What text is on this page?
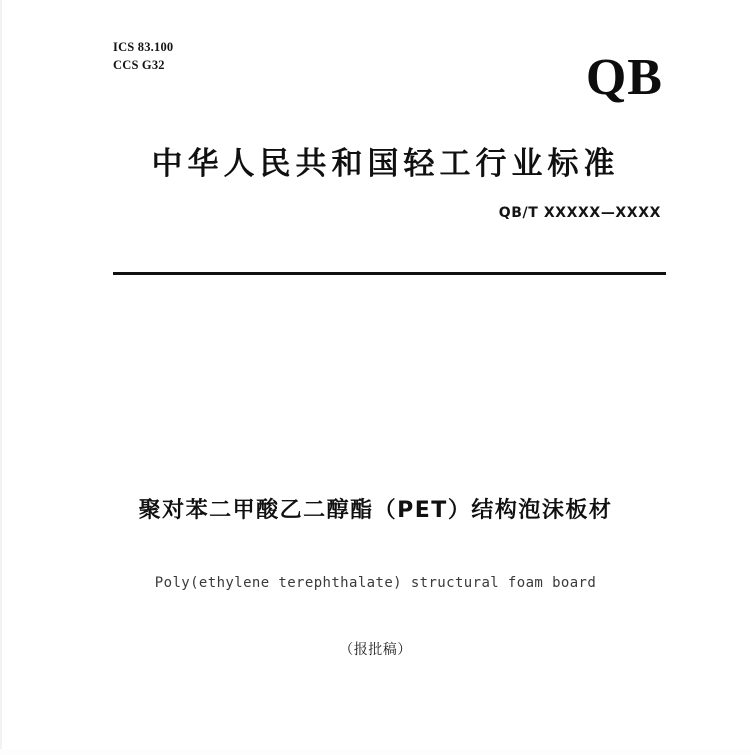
ICS 83.100
CCS G32	QB
中华人民共和国轻工行业标准
QB/T XXXXX—XXXX
聚对苯二甲酸乙二醇酯（PET）结构泡沫板材
Poly(ethylene terephthalate) structural foam board
（报批稿）
